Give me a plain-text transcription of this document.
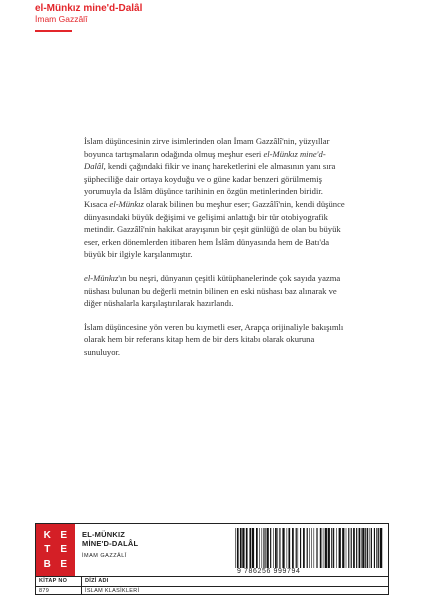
el-Münkız mine'd-Dalâl
İmam Gazzâlî

İslam düşüncesinin zirve isimlerinden olan İmam Gazzâlî'nin, yüzyıllar boyunca tartışmaların odağında olmuş meşhur eseri el-Münkız mine'd-Dalâl, kendi çağındaki fikir ve inanç hareketlerini ele almasının yanı sıra şüpheciliğe dair ortaya koyduğu ve o güne kadar benzeri görülmemiş yorumuyla da İslâm düşünce tarihinin en özgün metinlerinden biridir. Kısaca el-Münkız olarak bilinen bu meşhur eser; Gazzâlî'nin, kendi düşünce dünyasındaki büyük değişimi ve gelişimi anlattığı bir tür otobiyografik metindir. Gazzâlî'nin hakikat arayışının bir çeşit günlüğü de olan bu büyük eser, erken dönemlerden itibaren hem İslâm dünyasında hem de Batı'da büyük bir ilgiyle karşılanmıştır.

el-Münkız'ın bu neşri, dünyanın çeşitli kütüphanelerinde çok sayıda yazma nüshası bulunan bu değerli metnin bilinen en eski nüshası baz alınarak ve diğer nüshalarla karşılaştırılarak hazırlandı.

İslam düşüncesine yön veren bu kıymetli eser, Arapça orijinaliyle bakışımlı olarak hem bir referans kitap hem de bir ders kitabı olarak okuruna sunuluyor.

K E
T	E
B E
EL-MÜNKIZ MİNE'D-DALÂL
İMAM GAZZÂLÎ
9 786256 999794
KİTAP NO	DİZİ ADI
879	İSLAM KLASİKLERİ
